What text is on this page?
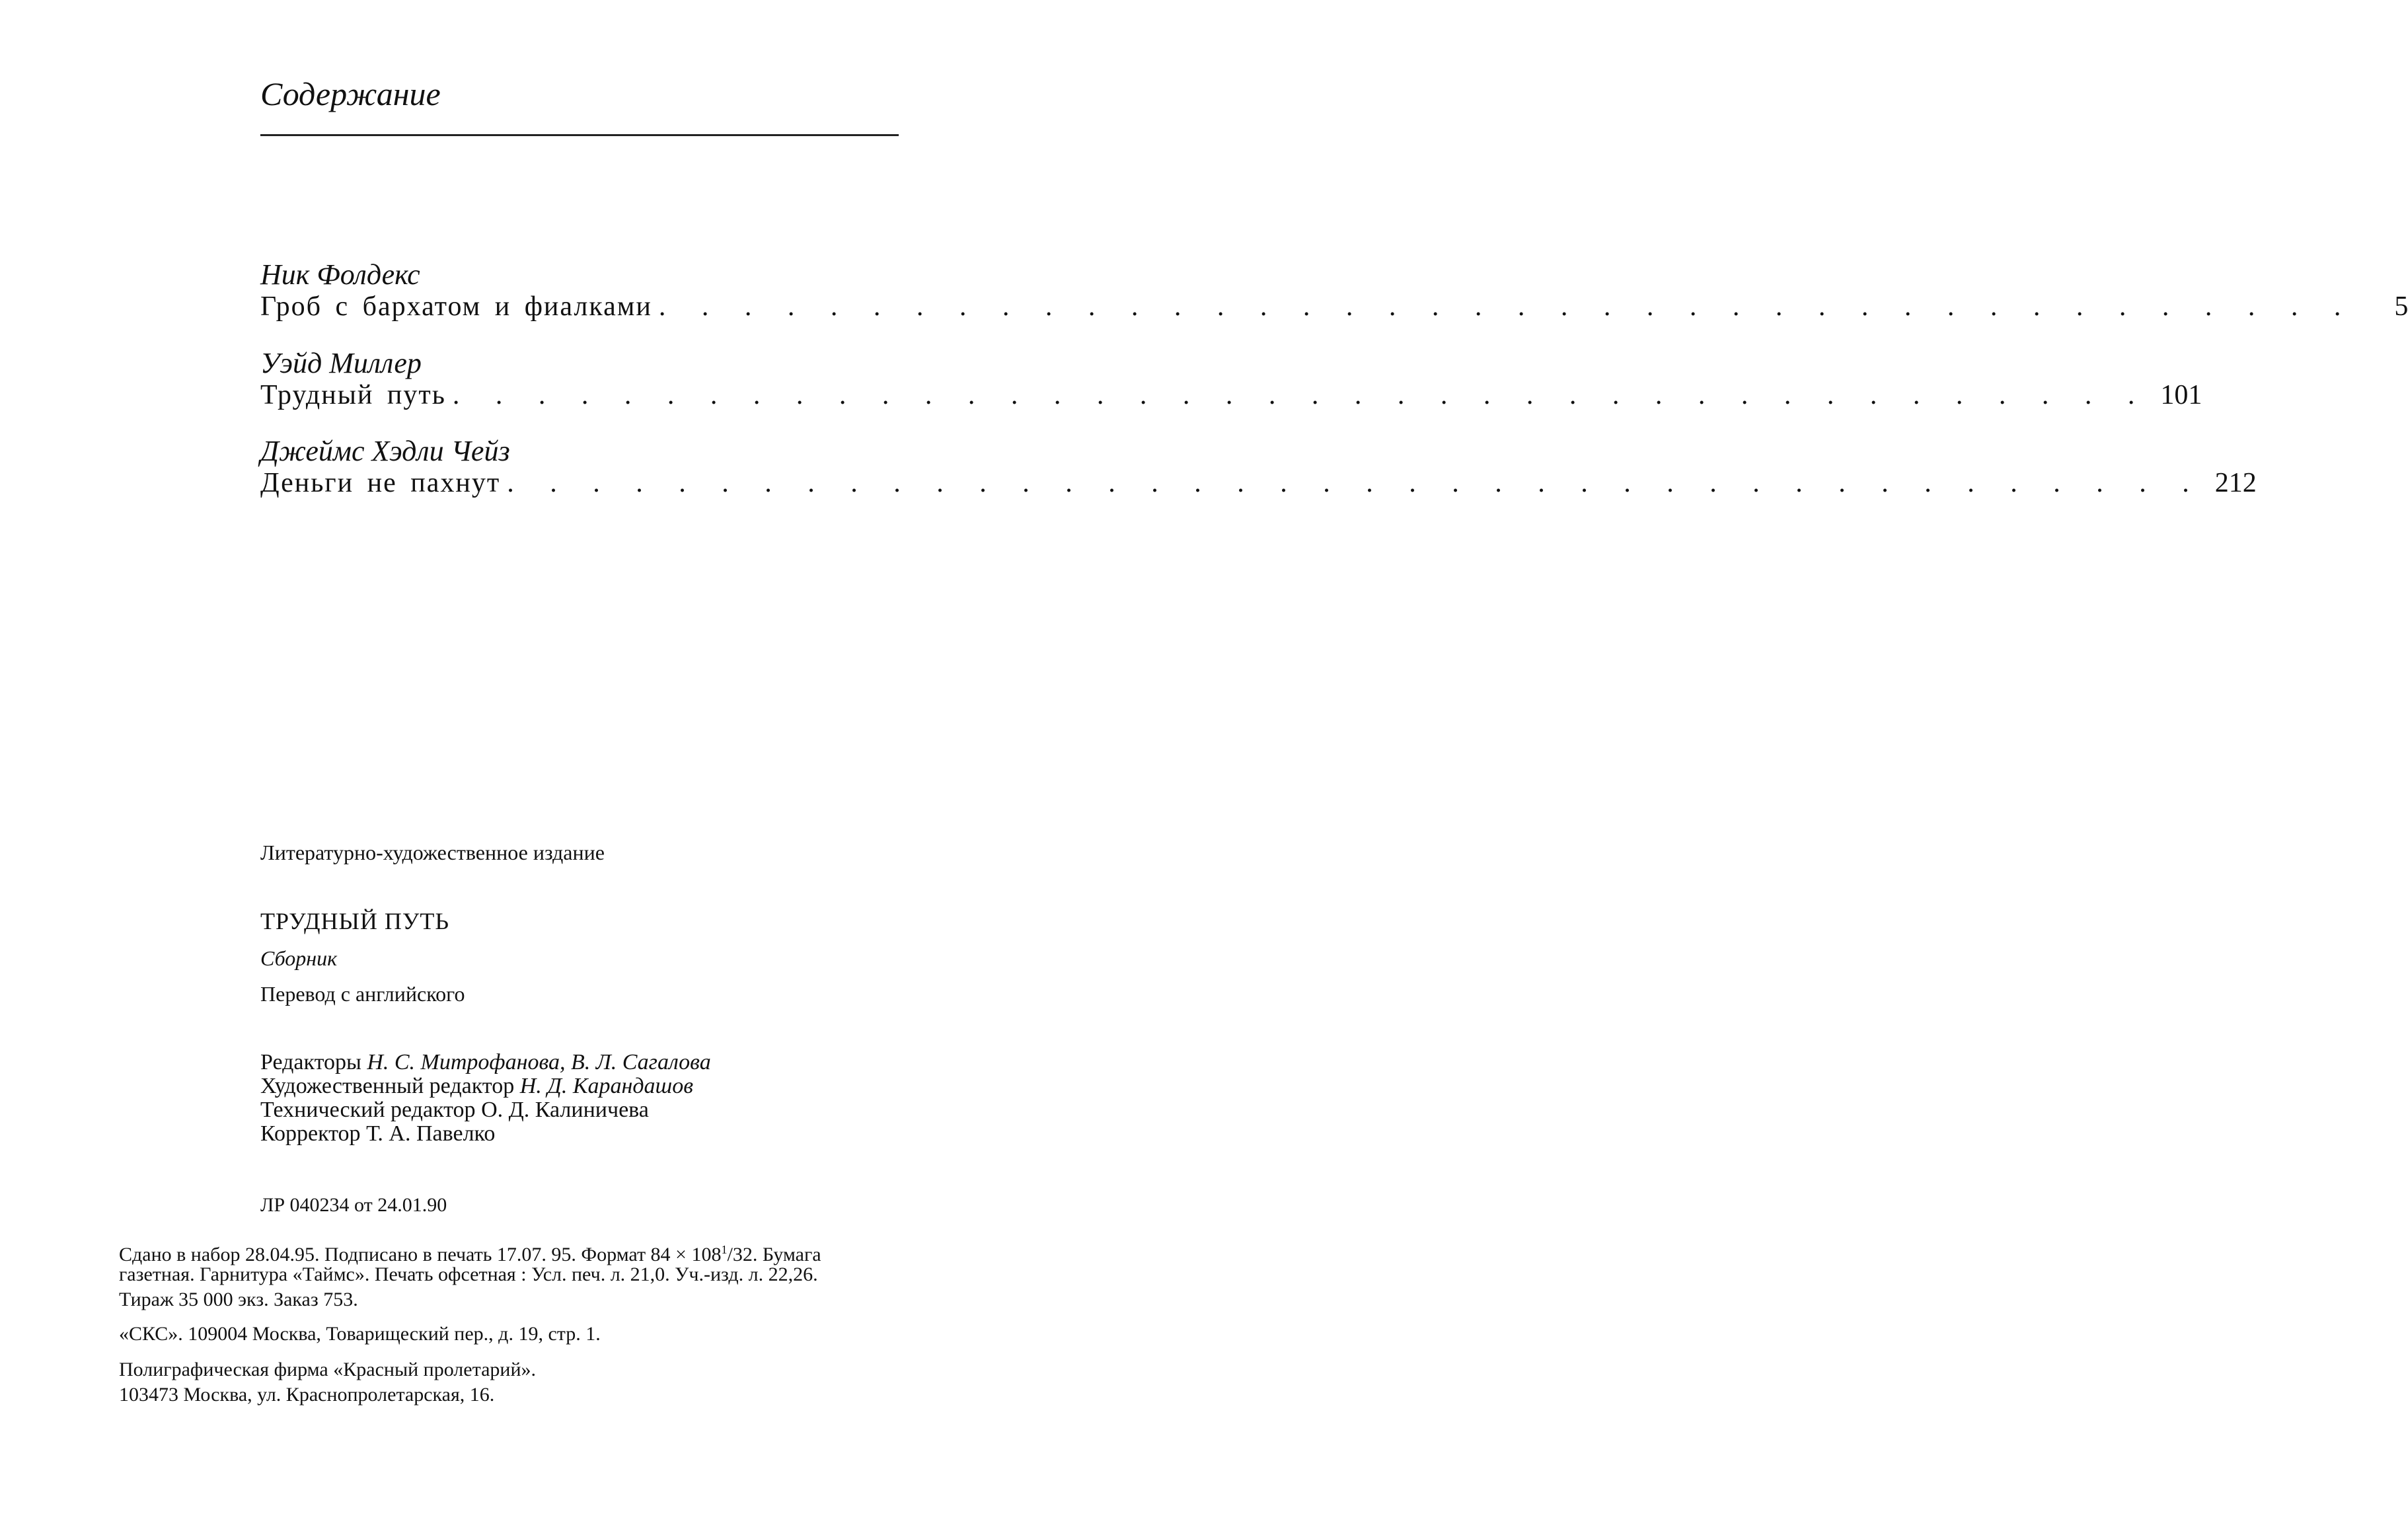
Содержание
Ник Фолдекс
Гроб с бархатом и фиалками . . . . . . . . . . . . . . . . . . . . . . . . . . . . . . . . . . . . . . . .	5
Уэйд Миллер
Трудный путь . . . . . . . . . . . . . . . . . . . . . . . . . . . . . . . . . . . . . . . . 101
Джеймс Хэдли Чейз
Деньги не пахнут . . . . . . . . . . . . . . . . . . . . . . . . . . . . . . . . . . . . . . . . 212
Литературно-художественное издание
ТРУДНЫЙ ПУТЬ
Сборник
Перевод с английского
Редакторы Н. С. Митрофанова, В. Л. Сагалова
Художественный редактор Н. Д. Карандашов
Технический редактор О. Д. Калиничева
Корректор Т. А. Павелко
ЛР 040234 от 24.01.90
Сдано в набор 28.04.95. Подписано в печать 17.07. 95. Формат $84 \times 108^1/32$. Бумага
газетная. Гарнитура «Таймс». Печать офсетная : Усл. печ. л. 21,0. Уч.-изд. л. 22,26.
Тираж 35 000 экз. Заказ 753.
«СКС». 109004 Москва, Товарищеский пер., д. 19, стр. 1.
Полиграфическая фирма «Красный пролетарий».
103473 Москва, ул. Краснопролетарская, 16.
